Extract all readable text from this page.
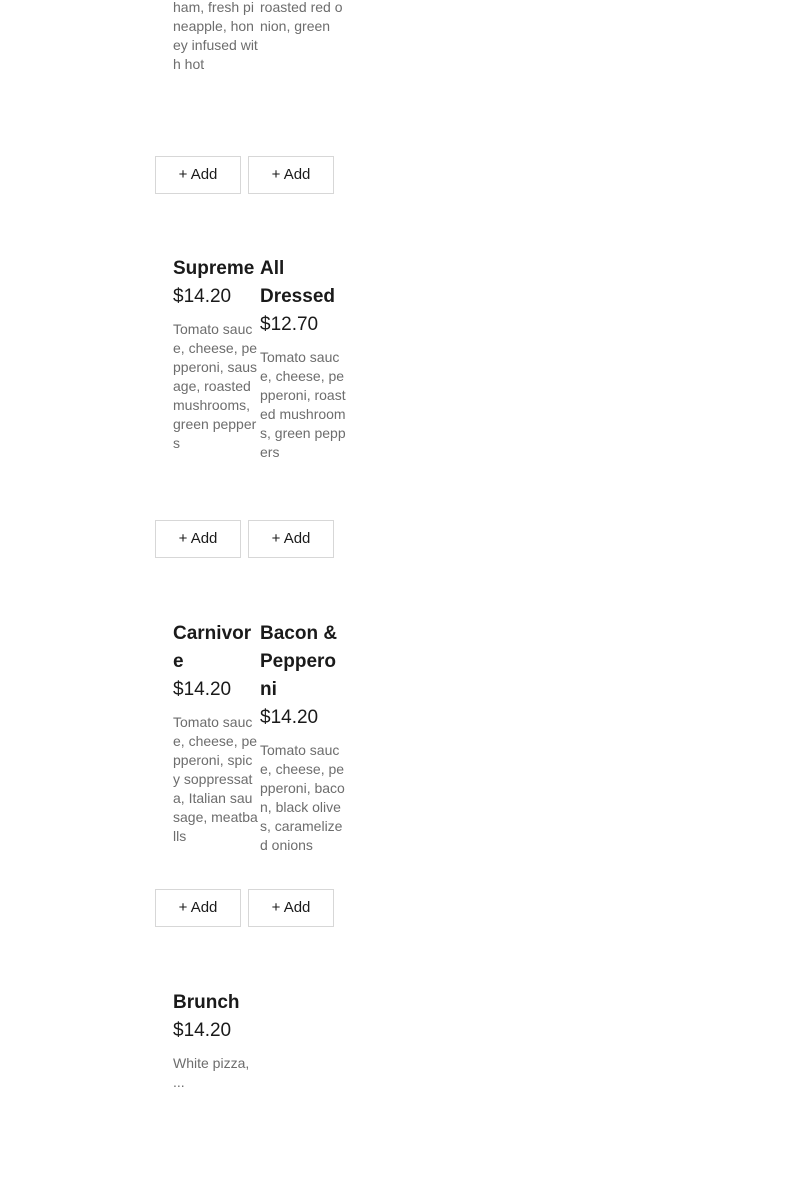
ham, fresh pineapple, honey infused with hot
roasted red onion, green
+ Add	+ Add
Supreme
$14.20
Tomato sauce, cheese, pepperoni, sausage, roasted mushrooms, green peppers
All Dressed
$12.70
Tomato sauce, cheese, pepperoni, roasted mushrooms, green peppers
+ Add	+ Add
Carnivore
$14.20
Tomato sauce, cheese, pepperoni, spicy soppressata, Italian sausage, meatballs
Bacon & Pepperoni
$14.20
Tomato sauce, cheese, pepperoni, bacon, black olives, caramelized onions
+ Add	+ Add
Brunch
$14.20
White pizza, ...
